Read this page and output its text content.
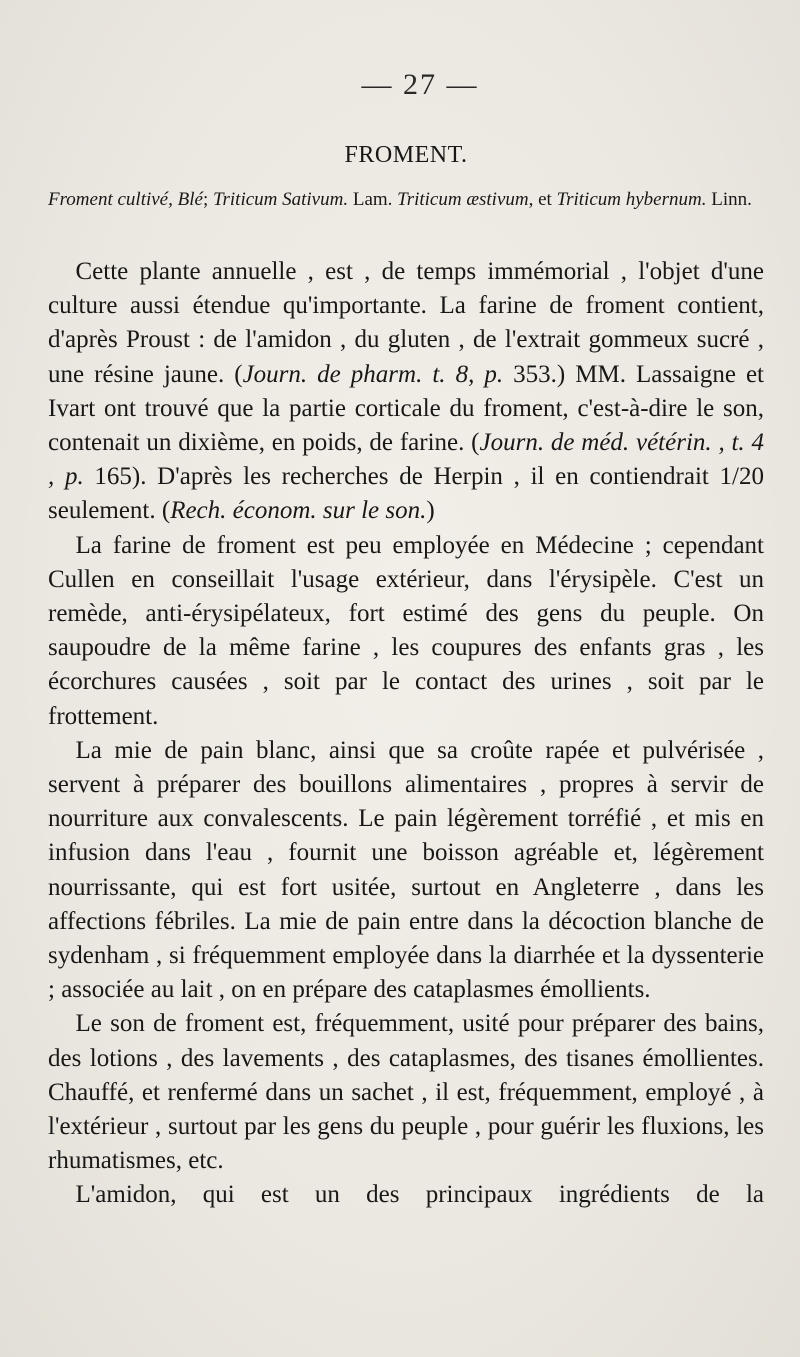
— 27 —
FROMENT.
Froment cultivé, Blé; Triticum Sativum. Lam. Triticum æstivum, et Triticum hybernum. Linn.

Cette plante annuelle , est , de temps immémorial , l'objet d'une culture aussi étendue qu'importante. La farine de froment contient, d'après Proust : de l'amidon , du gluten , de l'extrait gommeux sucré , une résine jaune. (Journ. de pharm. t. 8, p. 353.) MM. Lassaigne et Ivart ont trouvé que la partie corticale du froment, c'est-à-dire le son, contenait un dixième, en poids, de farine. (Journ. de méd. vétérin. , t. 4 , p. 165). D'après les recherches de Herpin , il en contiendrait 1/20 seulement. (Rech. économ. sur le son.)

La farine de froment est peu employée en Médecine ; cependant Cullen en conseillait l'usage extérieur, dans l'érysipèle. C'est un remède, anti-érysipélateux, fort estimé des gens du peuple. On saupoudre de la même farine , les coupures des enfants gras , les écorchures causées , soit par le contact des urines , soit par le frottement.

La mie de pain blanc, ainsi que sa croûte rapée et pulvérisée , servent à préparer des bouillons alimentaires , propres à servir de nourriture aux convalescents. Le pain légèrement torréfié , et mis en infusion dans l'eau , fournit une boisson agréable et, légèrement nourrissante, qui est fort usitée, surtout en Angleterre , dans les affections fébriles. La mie de pain entre dans la décoction blanche de sydenham , si fréquemment employée dans la diarrhée et la dyssenterie ; associée au lait , on en prépare des cataplasmes émollients.

Le son de froment est, fréquemment, usité pour préparer des bains, des lotions , des lavements , des cataplasmes, des tisanes émollientes. Chauffé, et renfermé dans un sachet , il est, fréquemment, employé , à l'extérieur , surtout par les gens du peuple , pour guérir les fluxions, les rhumatismes, etc.

L'amidon, qui est un des principaux ingrédients de la
